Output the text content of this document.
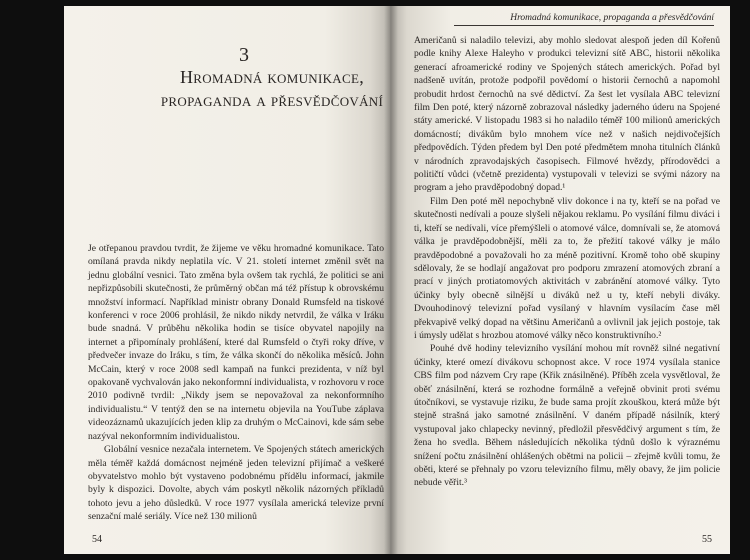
3
Hromadná komunikace,
propaganda a přesvědčování

Je otřepanou pravdou tvrdit, že žijeme ve věku hromadné komunikace. Tato omílaná pravda nikdy neplatila víc. V 21. století internet změnil svět na jednu globální vesnici. Tato změna byla ovšem tak rychlá, že politici se ani nepřizpůsobili skutečnosti, že průměrný občan má též přístup k obrovskému množství informací. Například ministr obrany Donald Rumsfeld na tiskové konferenci v roce 2006 prohlásil, že nikdo nikdy netvrdil, že válka v Iráku bude snadná. V průběhu několika hodin se tisíce obyvatel napojily na internet a připomínaly prohlášení, které dal Rumsfeld o čtyři roky dříve, v předvečer invaze do Iráku, s tím, že válka skončí do několika měsíců. John McCain, který v roce 2008 sedl kampaň na funkci prezidenta, v níž byl opakovaně vychvalován jako nekonformní individualista, v rozhovoru v roce 2010 podivně tvrdil: „Nikdy jsem se nepovažoval za nekonformního individualistu.“ V tentýž den se na internetu objevila na YouTube záplava videozáznamů ukazujících jeden klip za druhým o McCainovi, kde sám sebe nazýval nekonformním individualistou.

Globální vesnice nezačala internetem. Ve Spojených státech amerických měla téměř každá domácnost nejméně jeden televizní přijímač a veškeré obyvatelstvo mohlo být vystaveno podobnému přídělu informací, jakmile byly k dispozici. Dovolte, abych vám poskytl několik názorných příkladů tohoto jevu a jeho důsledků. V roce 1977 vysílala americká televize první senzační malé seriály. Více než 130 milionů

54
Hromadná komunikace, propaganda a přesvědčování

Američanů si naladilo televizi, aby mohlo sledovat alespoň jeden díl Kořenů podle knihy Alexe Haleyho v produkci televizní sítě ABC, historii několika generací afroamerické rodiny ve Spojených státech amerických. Pořad byl nadšeně uvítán, protože podpořil povědomí o historii černochů a napomohl probudit hrdost černochů na své dědictví. Za šest let vysílala ABC televizní film Den poté, který názorně zobrazoval následky jaderného úderu na Spojené státy americké. V listopadu 1983 si ho naladilo téměř 100 milionů amerických domácností; divákům bylo mnohem více než v našich nejdivočejších předpovědích. Týden předem byl Den poté předmětem mnoha titulních článků v národních zpravodajských časopisech. Filmové hvězdy, přírodovědci a političtí vůdci (včetně prezidenta) vystupovali v televizi se svými názory na program a jeho pravděpodobný dopad.¹

Film Den poté měl nepochybně vliv dokonce i na ty, kteří se na pořad ve skutečnosti nedívali a pouze slyšeli nějakou reklamu. Po vysílání filmu diváci i ti, kteří se nedívali, více přemýšleli o atomové válce, domnívali se, že atomová válka je pravděpodobnější, měli za to, že přežití takové války je málo pravděpodobné a považovali ho za méně pozitivní. Kromě toho obě skupiny sdělovaly, že se hodlají angažovat pro podporu zmrazení atomových zbraní a prací v jiných protiatomových aktivitách v zabránění atomové války. Tyto účinky byly obecně silnější u diváků než u ty, kteří nebyli diváky. Dvouhodinový televizní pořad vysílaný v hlavním vysílacím čase měl překvapivě velký dopad na většinu Američanů a ovlivnil jak jejich postoje, tak i úmysly udělat s hrozbou atomové války něco konstruktivního.²

Pouhé dvě hodiny televizního vysílání mohou mít rovněž silné negativní účinky, které omezí divákovu schopnost akce. V roce 1974 vysílala stanice CBS film pod názvem Cry rape (Křik znásilněné). Příběh zcela vysvětloval, že oběť znásilnění, která se rozhodne formálně a veřejně obvinit proti svému útočníkovi, se vystavuje riziku, že bude sama projít zkouškou, která může být stejně strašná jako samotné znásilnění. V daném případě násilník, který vystupoval jako chlapecky nevinný, předložil přesvědčivý argument s tím, že žena ho svedla. Během následujících několika týdnů došlo k výraznému snížení počtu znásilnění ohlášených obětmi na policii – zřejmě kvůli tomu, že oběti, které se přehnaly po vzoru televizního filmu, měly obavy, že jim policie nebude věřit.³

55
